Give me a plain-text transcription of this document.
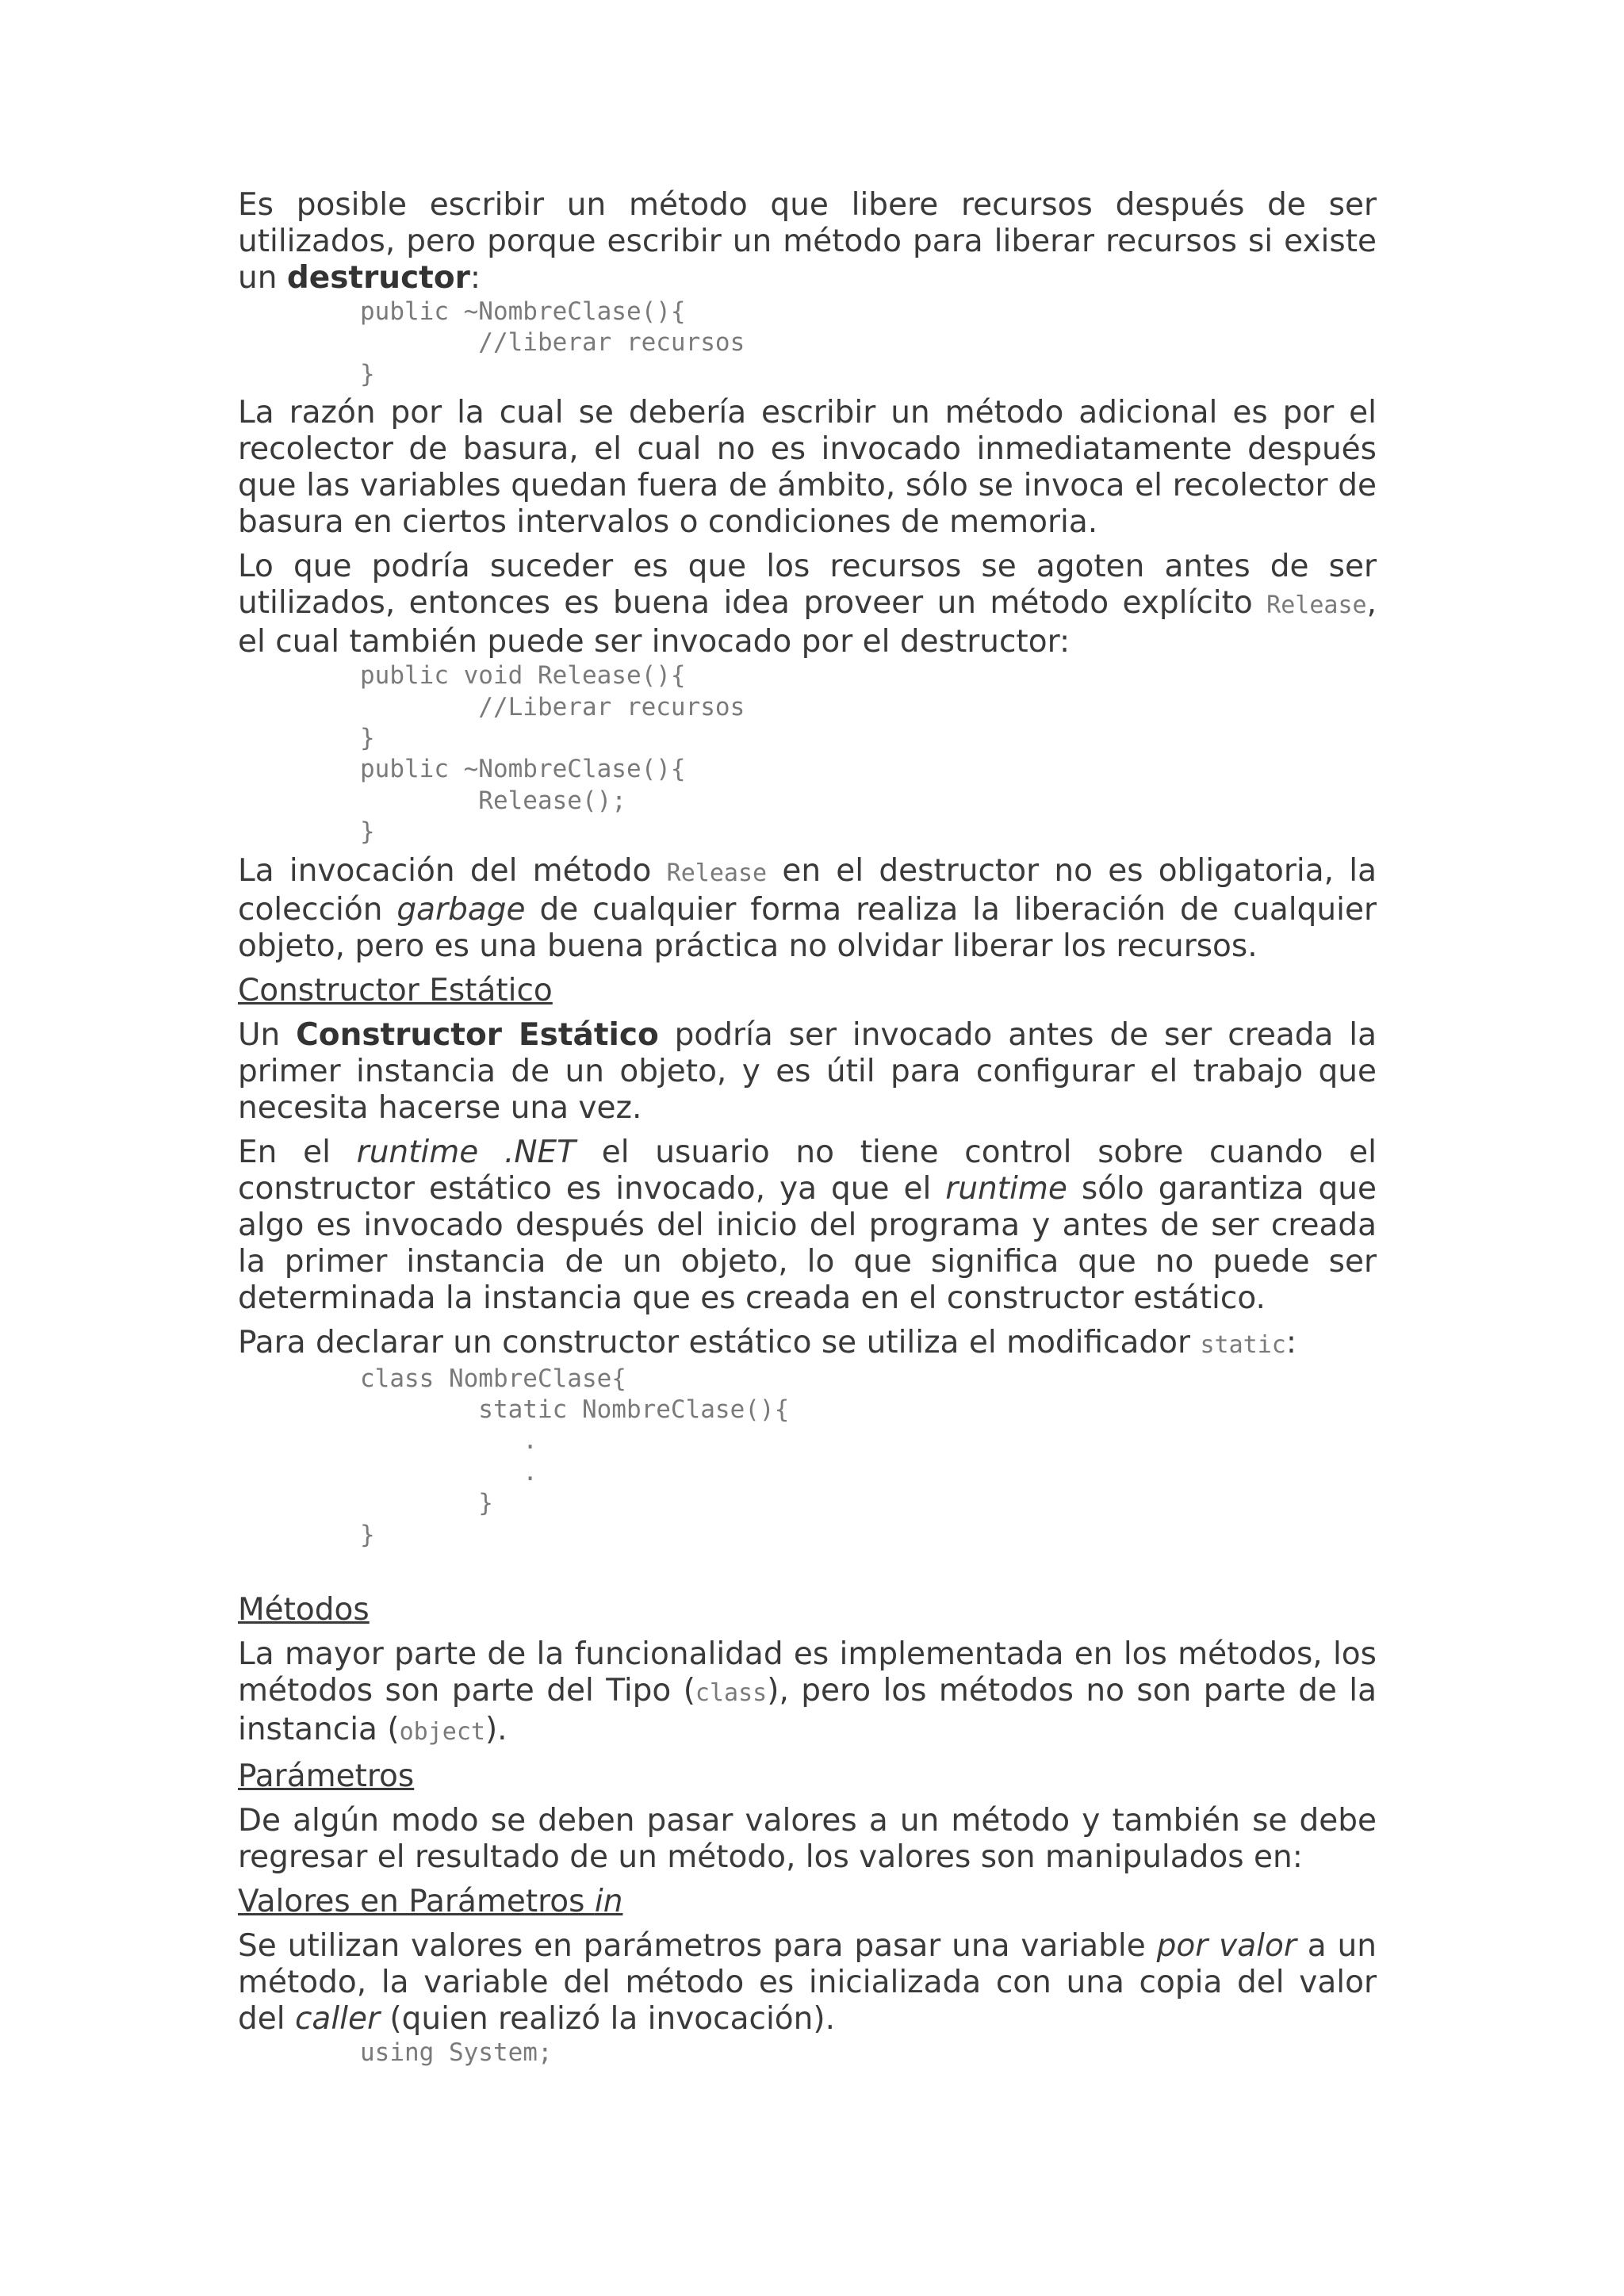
Es posible escribir un método que libere recursos después de ser utilizados, pero porque escribir un método para liberar recursos si existe un destructor:

public ~NombreClase(){
//liberar recursos
}

La razón por la cual se debería escribir un método adicional es por el recolector de basura, el cual no es invocado inmediatamente después que las variables quedan fuera de ámbito, sólo se invoca el recolector de basura en ciertos intervalos o condiciones de memoria.

Lo que podría suceder es que los recursos se agoten antes de ser utilizados, entonces es buena idea proveer un método explícito Release, el cual también puede ser invocado por el destructor:

public void Release(){
//Liberar recursos
}
public ~NombreClase(){
Release();
}

La invocación del método Release en el destructor no es obligatoria, la colección garbage de cualquier forma realiza la liberación de cualquier objeto, pero es una buena práctica no olvidar liberar los recursos.

Constructor Estático

Un Constructor Estático podría ser invocado antes de ser creada la primer instancia de un objeto, y es útil para configurar el trabajo que necesita hacerse una vez.

En el runtime .NET el usuario no tiene control sobre cuando el constructor estático es invocado, ya que el runtime sólo garantiza que algo es invocado después del inicio del programa y antes de ser creada la primer instancia de un objeto, lo que significa que no puede ser determinada la instancia que es creada en el constructor estático.

Para declarar un constructor estático se utiliza el modificador static:

class NombreClase{
static NombreClase(){
.
.
}
}

Métodos

La mayor parte de la funcionalidad es implementada en los métodos, los métodos son parte del Tipo (class), pero los métodos no son parte de la instancia (object).

Parámetros

De algún modo se deben pasar valores a un método y también se debe regresar el resultado de un método, los valores son manipulados en:

Valores en Parámetros in

Se utilizan valores en parámetros para pasar una variable por valor a un método, la variable del método es inicializada con una copia del valor del caller (quien realizó la invocación).

using System;
